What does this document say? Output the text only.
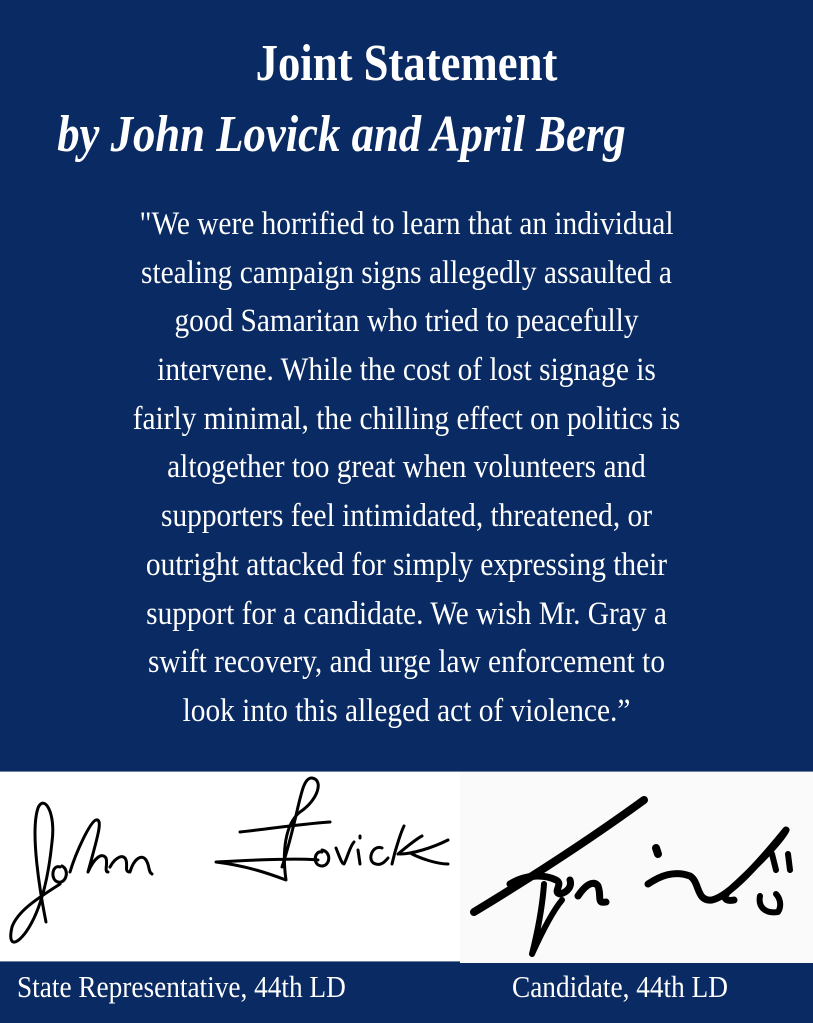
Joint Statement
by John Lovick and April Berg
"We were horrified to learn that an individual
stealing campaign signs allegedly assaulted a
good Samaritan who tried to peacefully
intervene. While the cost of lost signage is
fairly minimal, the chilling effect on politics is
altogether too great when volunteers and
supporters feel intimidated, threatened, or
outright attacked for simply expressing their
support for a candidate. We wish Mr. Gray a
swift recovery, and urge law enforcement to
look into this alleged act of violence.”
State Representative, 44th LD	Candidate, 44th LD
